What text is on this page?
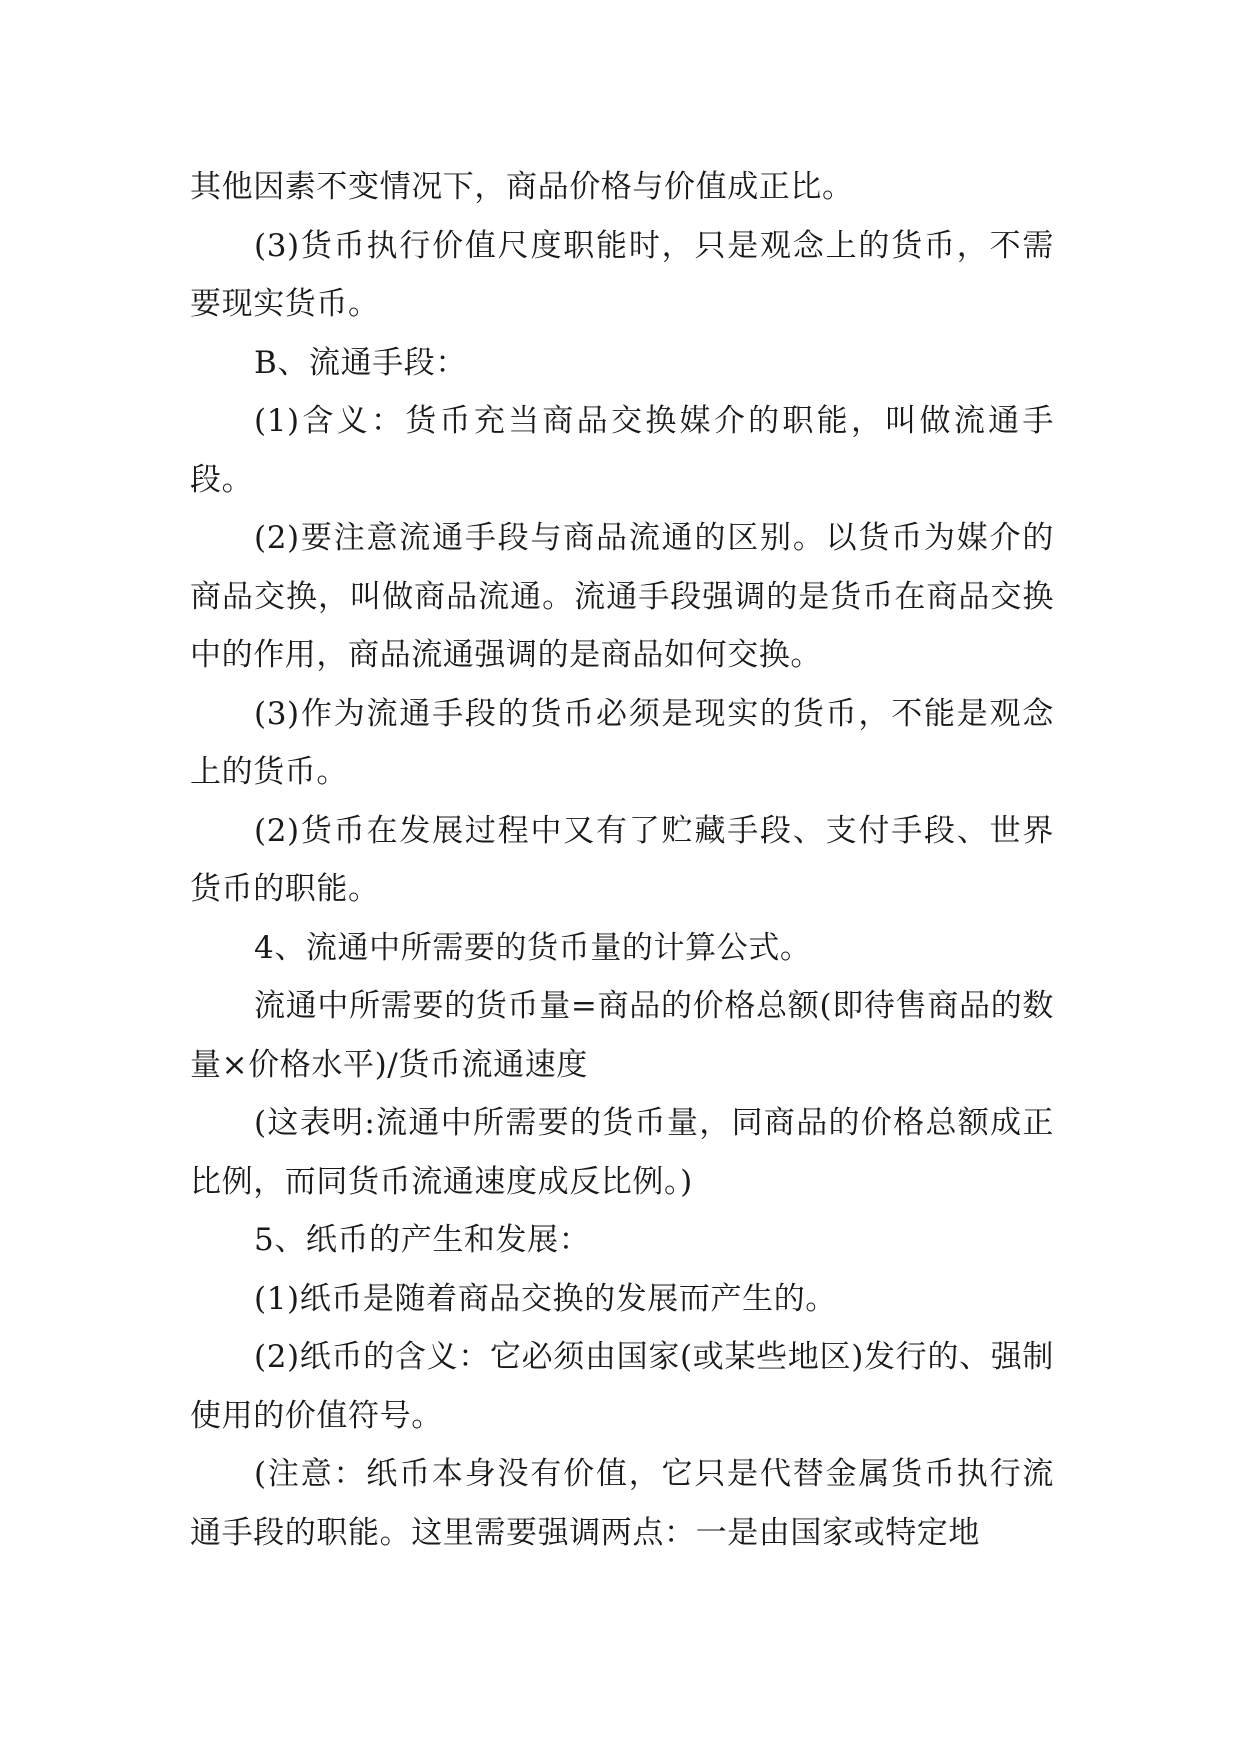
其他因素不变情况下，商品价格与价值成正比。

(3)货币执行价值尺度职能时，只是观念上的货币，不需要现实货币。

B、流通手段：

(1)含义：货币充当商品交换媒介的职能，叫做流通手段。

(2)要注意流通手段与商品流通的区别。以货币为媒介的商品交换，叫做商品流通。流通手段强调的是货币在商品交换中的作用，商品流通强调的是商品如何交换。

(3)作为流通手段的货币必须是现实的货币，不能是观念上的货币。

(2)货币在发展过程中又有了贮藏手段、支付手段、世界货币的职能。

4、流通中所需要的货币量的计算公式。

流通中所需要的货币量=商品的价格总额(即待售商品的数量×价格水平)/货币流通速度

(这表明:流通中所需要的货币量，同商品的价格总额成正比例，而同货币流通速度成反比例。)

5、纸币的产生和发展：

(1)纸币是随着商品交换的发展而产生的。

(2)纸币的含义：它必须由国家(或某些地区)发行的、强制使用的价值符号。

(注意：纸币本身没有价值，它只是代替金属货币执行流通手段的职能。这里需要强调两点：一是由国家或特定地
